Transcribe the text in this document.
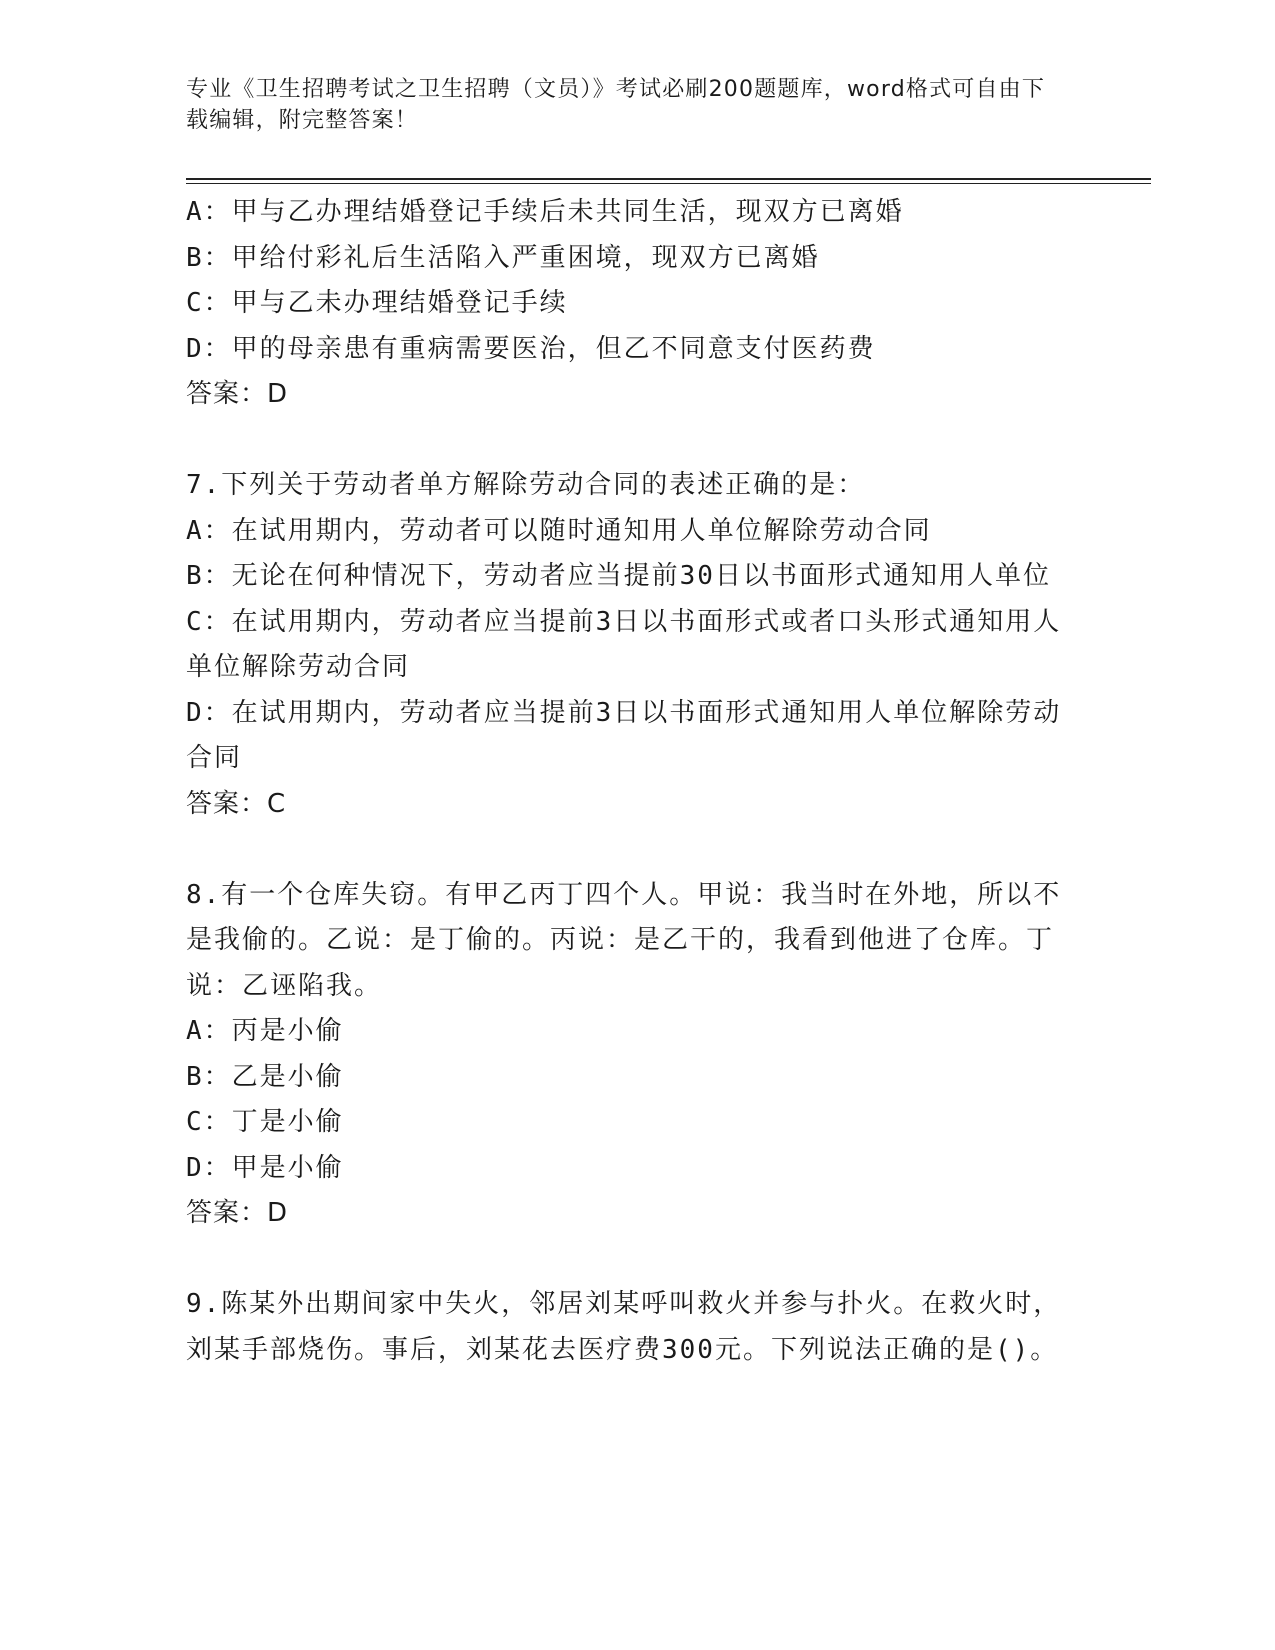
专业《卫生招聘考试之卫生招聘（文员）》考试必刷200题题库，word格式可自由下载编辑，附完整答案！
A：甲与乙办理结婚登记手续后未共同生活，现双方已离婚
B：甲给付彩礼后生活陷入严重困境，现双方已离婚
C：甲与乙未办理结婚登记手续
D：甲的母亲患有重病需要医治，但乙不同意支付医药费
答案：D
7.下列关于劳动者单方解除劳动合同的表述正确的是：
A：在试用期内，劳动者可以随时通知用人单位解除劳动合同
B：无论在何种情况下，劳动者应当提前30日以书面形式通知用人单位
C：在试用期内，劳动者应当提前3日以书面形式或者口头形式通知用人单位解除劳动合同
D：在试用期内，劳动者应当提前3日以书面形式通知用人单位解除劳动合同
答案：C
8.有一个仓库失窃。有甲乙丙丁四个人。甲说：我当时在外地，所以不是我偷的。乙说：是丁偷的。丙说：是乙干的，我看到他进了仓库。丁说：乙诬陷我。
A：丙是小偷
B：乙是小偷
C：丁是小偷
D：甲是小偷
答案：D
9.陈某外出期间家中失火，邻居刘某呼叫救火并参与扑火。在救火时，刘某手部烧伤。事后，刘某花去医疗费300元。下列说法正确的是()。
